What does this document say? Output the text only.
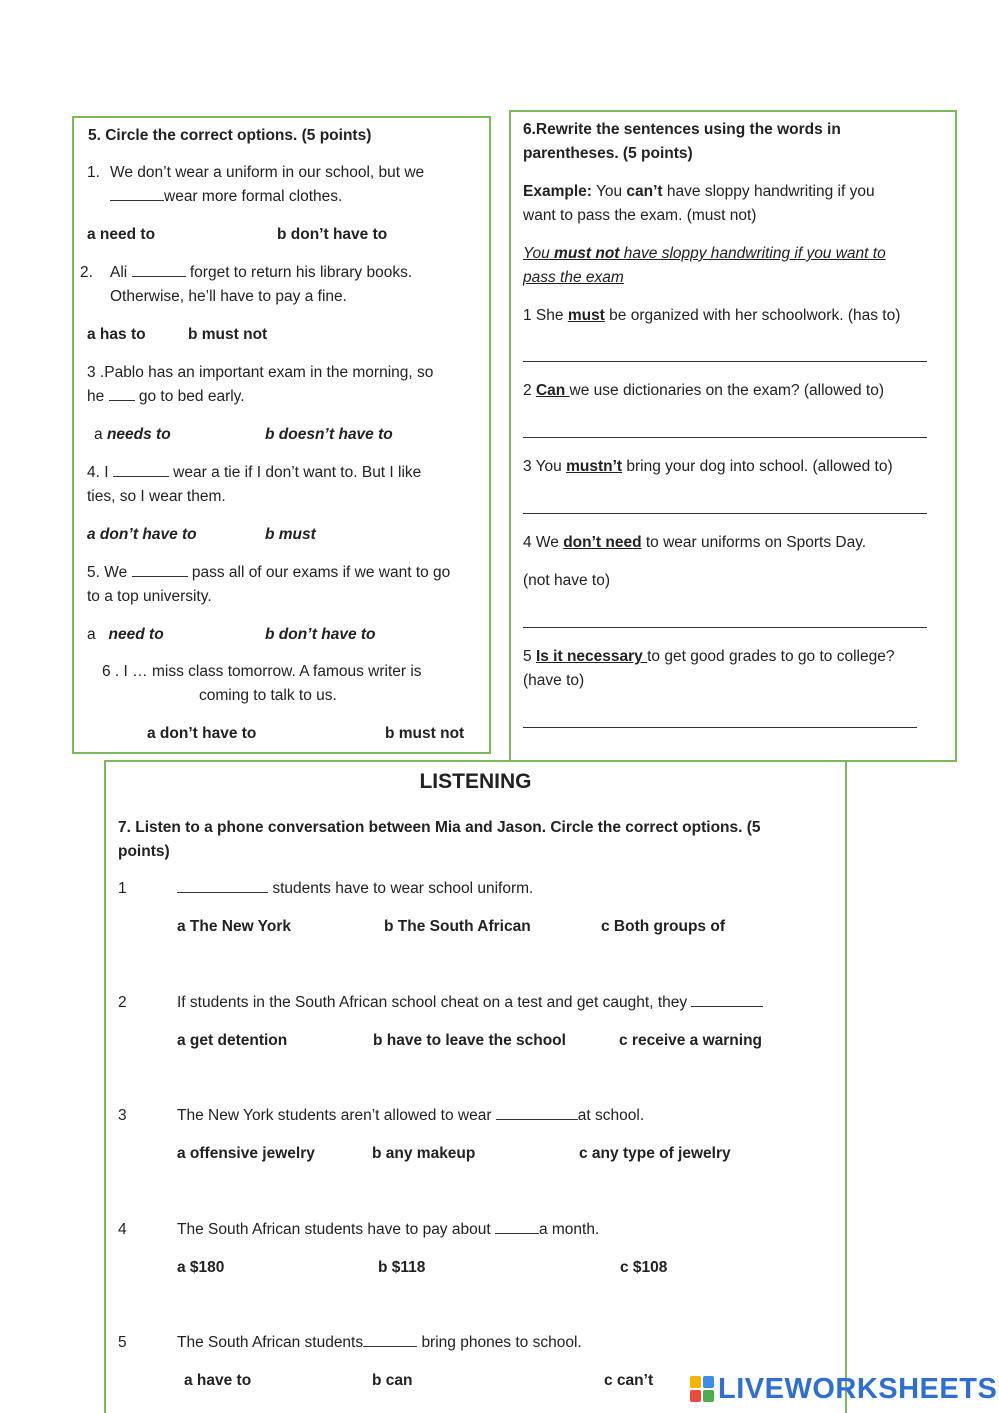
5. Circle the correct options. (5 points)
1. We don’t wear a uniform in our school, but we
wear more formal clothes.
a need to	b don’t have to
2. Ali	forget to return his library books.
Otherwise, he’ll have to pay a fine.
a has to	b must not
3 .Pablo has an important exam in the morning, so
he go to bed early.
a needs to	b doesn’t have to
4. I	wear a tie if I don’t want to. But I like
ties, so I wear them.
a don’t have to	b must
5. We	pass all of our exams if we want to go
to a top university.
a need to	b don’t have to
6 . I … miss class tomorrow. A famous writer is
coming to talk to us.
a don’t have to	b must not
6.Rewrite the sentences using the words in
parentheses. (5 points)
Example: You can’t have sloppy handwriting if you
want to pass the exam. (must not)
You must not have sloppy handwriting if you want to
pass the exam
1 She must be organized with her schoolwork. (has to)
2 Can we use dictionaries on the exam? (allowed to)
3 You mustn’t bring your dog into school. (allowed to)
4 We don’t need to wear uniforms on Sports Day.
(not have to)
5 Is it necessary to get good grades to go to college?
(have to)
LISTENING
7. Listen to a phone conversation between Mia and Jason. Circle the correct options. (5
points)
1	students have to wear school uniform.
a The New York	b The South African	c Both groups of
2	If students in the South African school cheat on a test and get caught, they
a get detention	b have to leave the school	c receive a warning
3	The New York students aren’t allowed to wear	at school.
a offensive jewelry	b any makeup	c any type of jewelry
4	The South African students have to pay about	a month.
a $180	b $118	c $108
5	The South African students	bring phones to school.
a have to	b can	c can’t LIVEWORKSHEETS
